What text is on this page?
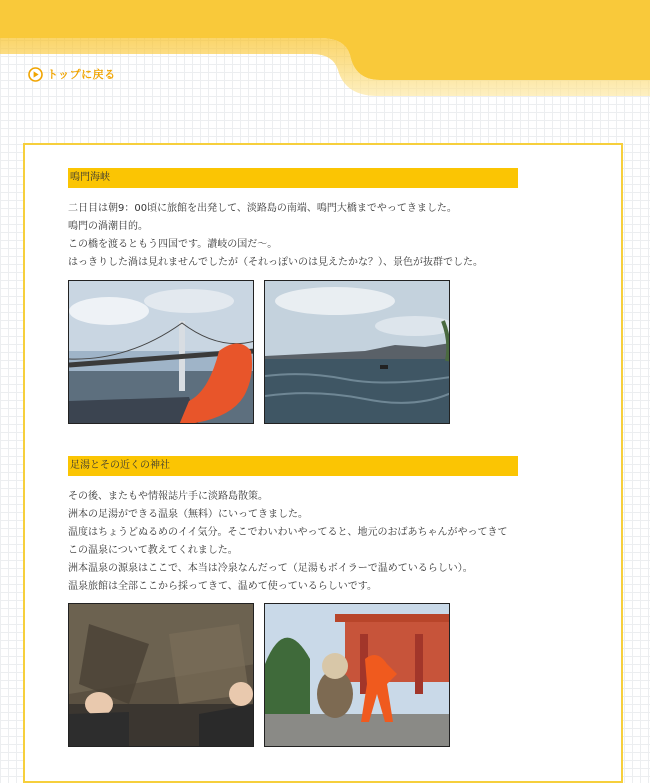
トップに戻る
鳴門海峡

二日目は朝9：00頃に旅館を出発して、淡路島の南端、鳴門大橋までやってきました。

鳴門の渦潮目的。

この橋を渡るともう四国です。讃岐の国だ〜。

はっきりした渦は見れませんでしたが（それっぽいのは見えたかな？）、景色が抜群でした。

足湯とその近くの神社

その後、またもや情報誌片手に淡路島散策。

洲本の足湯ができる温泉（無料）にいってきました。

温度はちょうどぬるめのイイ気分。そこでわいわいやってると、地元のおばあちゃんがやってきて

この温泉について教えてくれました。

洲本温泉の源泉はここで、本当は冷泉なんだって（足湯もボイラーで温めているらしい）。

温泉旅館は全部ここから採ってきて、温めて使っているらしいです。
